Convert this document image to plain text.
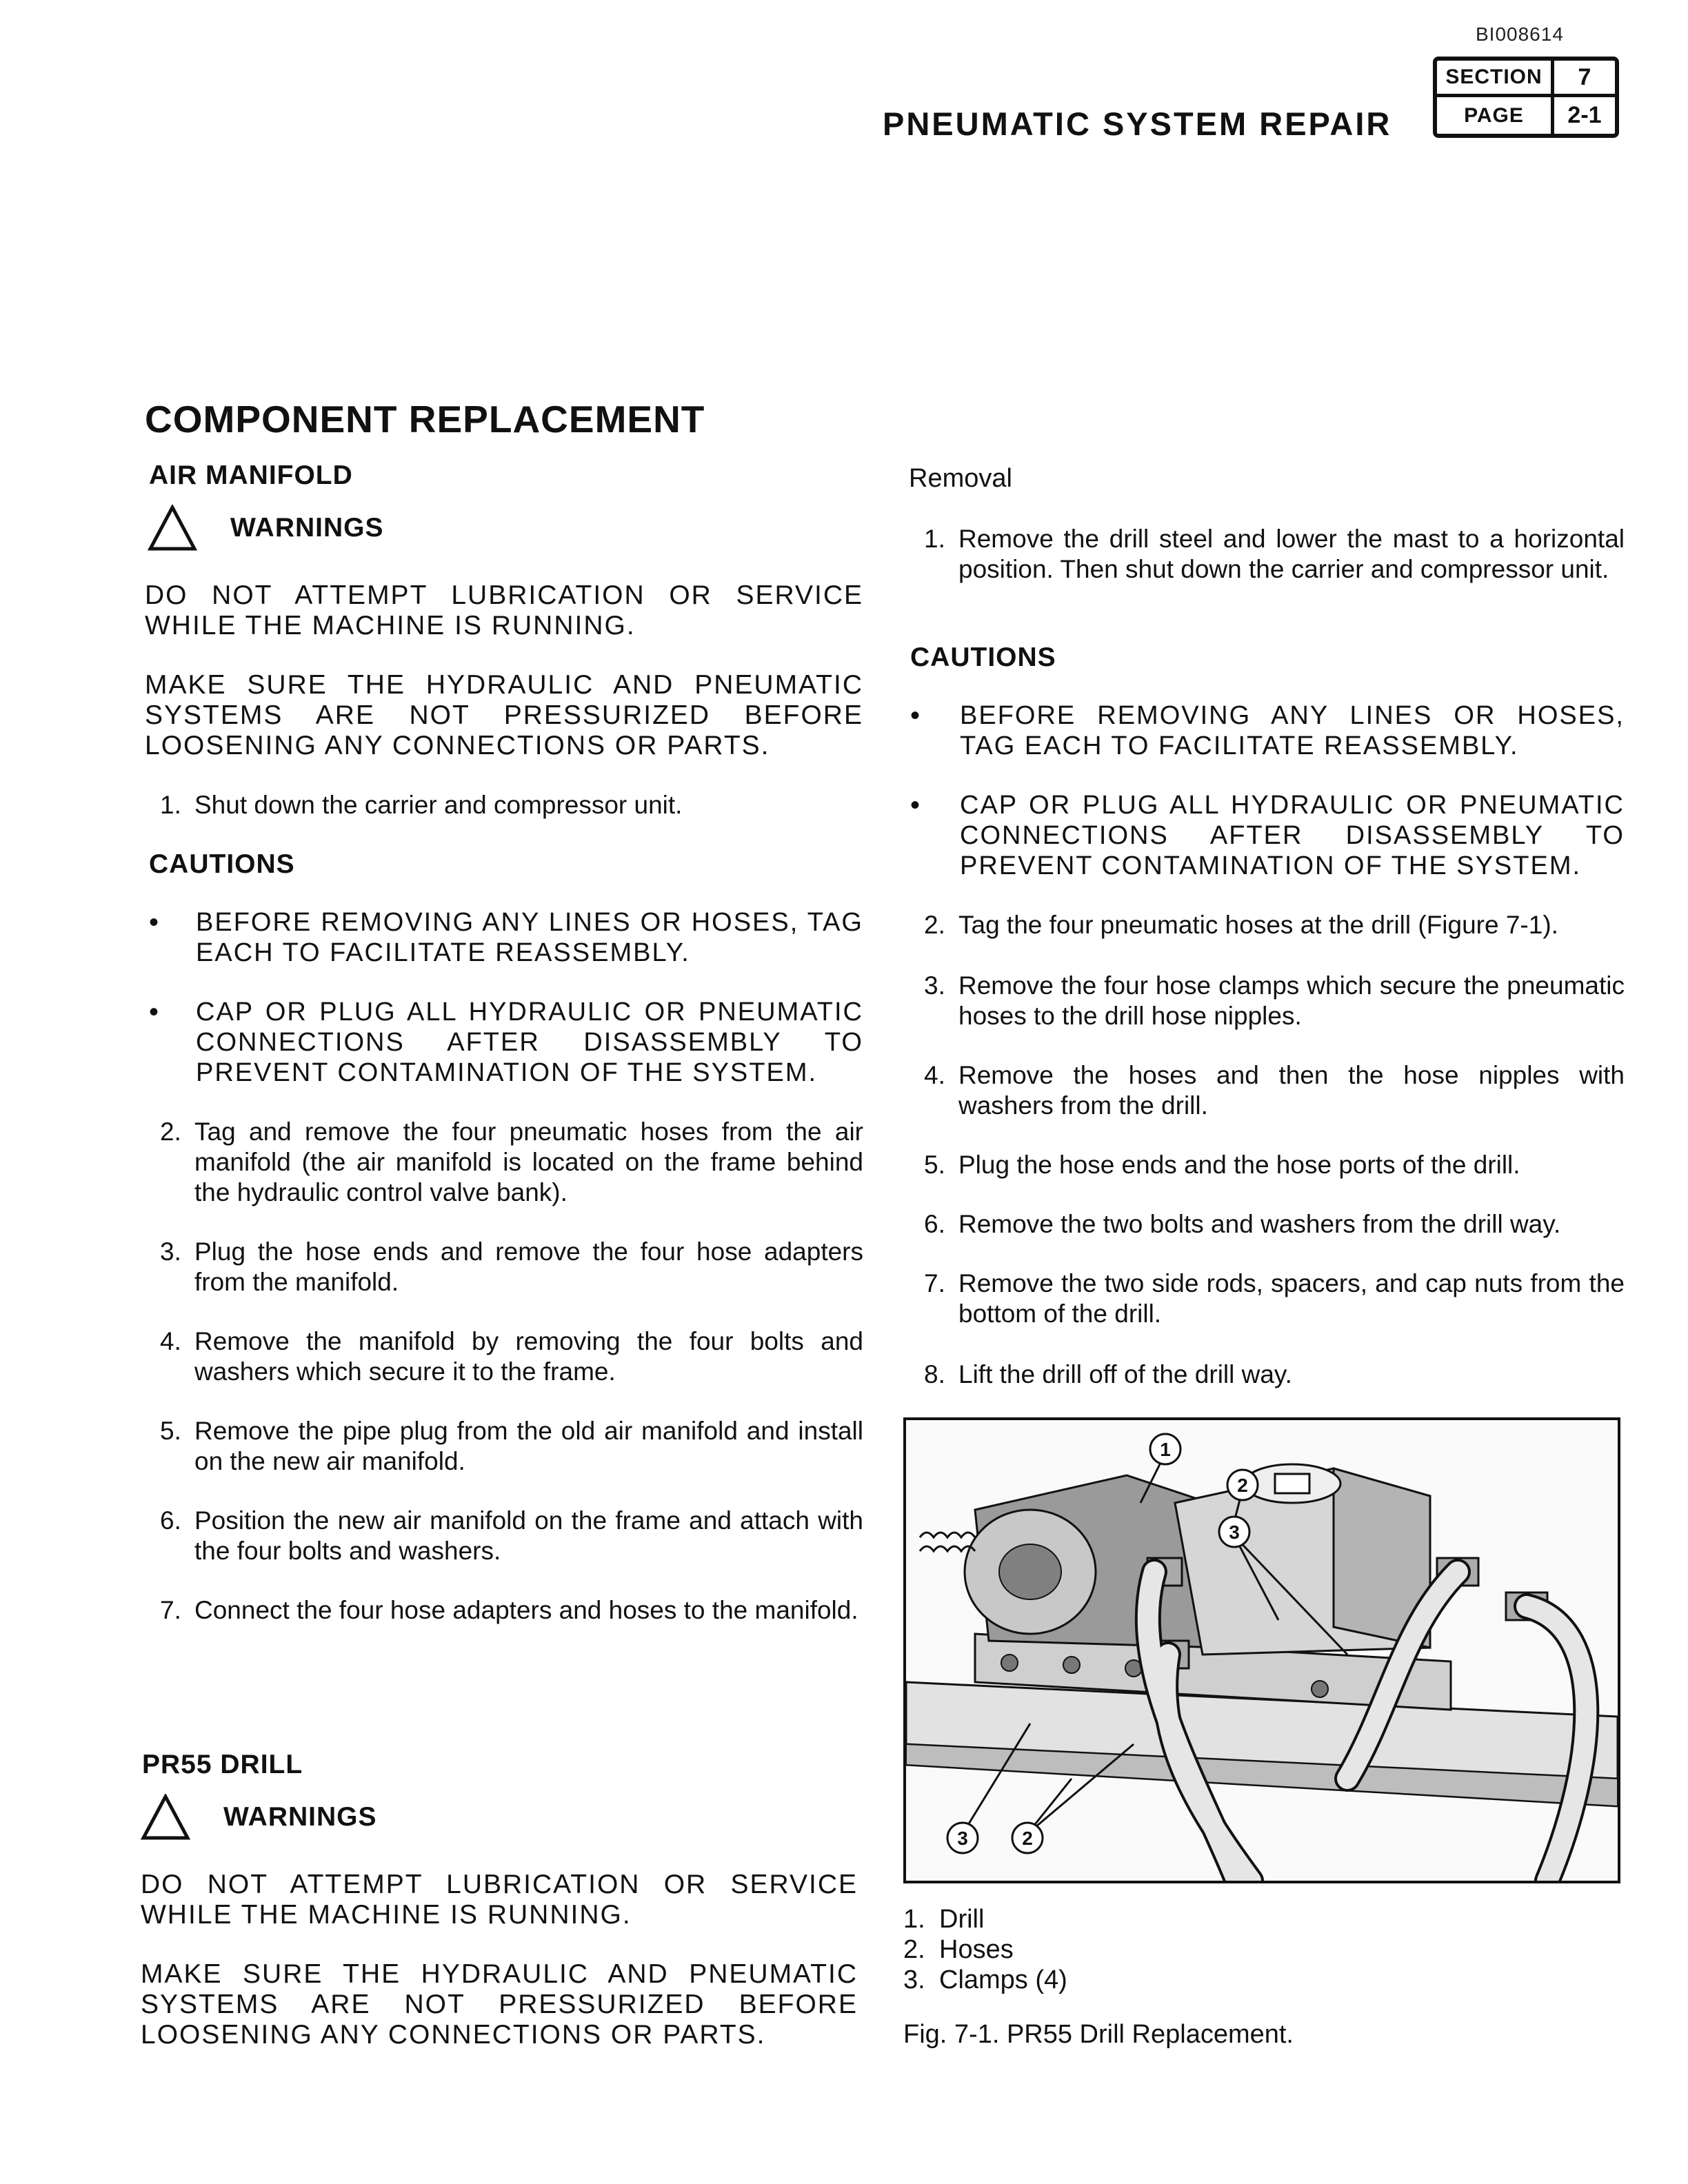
BI008614
PNEUMATIC SYSTEM REPAIR
SECTION	7
PAGE	2-1
COMPONENT REPLACEMENT
AIR MANIFOLD
WARNINGS
DO NOT ATTEMPT LUBRICATION OR SERVICE WHILE THE MACHINE IS RUNNING.
MAKE SURE THE HYDRAULIC AND PNEUMATIC SYSTEMS ARE NOT PRESSURIZED BEFORE LOOSENING ANY CONNECTIONS OR PARTS.
1. Shut down the carrier and compressor unit.
CAUTIONS
•	BEFORE REMOVING ANY LINES OR HOSES, TAG EACH TO FACILITATE REASSEMBLY.
•	CAP OR PLUG ALL HYDRAULIC OR PNEUMATIC CONNECTIONS AFTER DISASSEMBLY TO PREVENT CONTAMINATION OF THE SYSTEM.
2. Tag and remove the four pneumatic hoses from the air manifold (the air manifold is located on the frame behind the hydraulic control valve bank).
3. Plug the hose ends and remove the four hose adapters from the manifold.
4. Remove the manifold by removing the four bolts and washers which secure it to the frame.
5. Remove the pipe plug from the old air manifold and install on the new air manifold.
6. Position the new air manifold on the frame and attach with the four bolts and washers.
7. Connect the four hose adapters and hoses to the manifold.
PR55 DRILL
WARNINGS
DO NOT ATTEMPT LUBRICATION OR SERVICE WHILE THE MACHINE IS RUNNING.
MAKE SURE THE HYDRAULIC AND PNEUMATIC SYSTEMS ARE NOT PRESSURIZED BEFORE LOOSENING ANY CONNECTIONS OR PARTS.
Removal
1. Remove the drill steel and lower the mast to a horizontal position. Then shut down the carrier and compressor unit.
CAUTIONS
•	BEFORE REMOVING ANY LINES OR HOSES, TAG EACH TO FACILITATE REASSEMBLY.
•	CAP OR PLUG ALL HYDRAULIC OR PNEUMATIC CONNECTIONS AFTER DISASSEMBLY TO PREVENT CONTAMINATION OF THE SYSTEM.
2. Tag the four pneumatic hoses at the drill (Figure 7-1).
3. Remove the four hose clamps which secure the pneumatic hoses to the drill hose nipples.
4. Remove the hoses and then the hose nipples with washers from the drill.
5. Plug the hose ends and the hose ports of the drill.
6. Remove the two bolts and washers from the drill way.
7. Remove the two side rods, spacers, and cap nuts from the bottom of the drill.
8. Lift the drill off of the drill way.
1
2
3
3	2
1. Drill
2. Hoses
3. Clamps (4)
Fig. 7-1. PR55 Drill Replacement.
